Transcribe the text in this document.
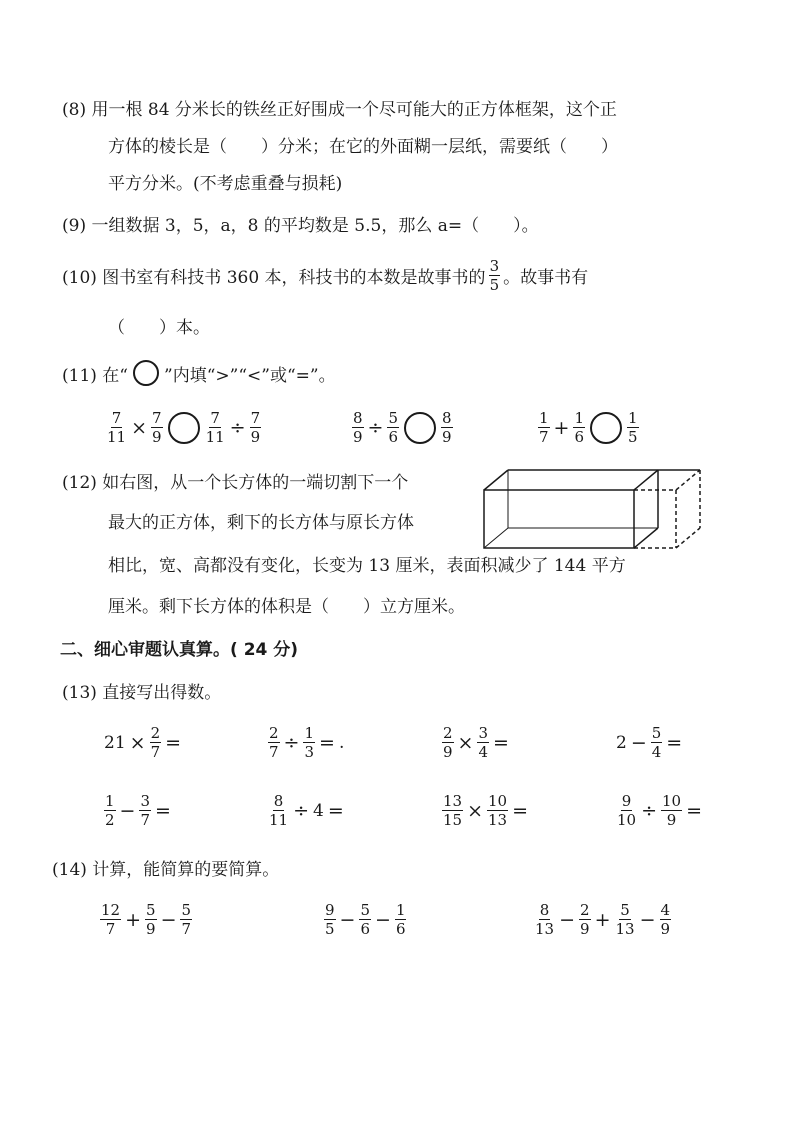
(8) 用一根 84 分米长的铁丝正好围成一个尽可能大的正方体框架，这个正
方体的棱长是（　　）分米；在它的外面糊一层纸，需要纸（　　）
平方分米。(不考虑重叠与损耗)
(9) 一组数据 3，5，a，8 的平均数是 5.5，那么 a=（　　）。
(10) 图书室有科技书 360 本，科技书的本数是故事书的 $\frac{3}{5}$ 。故事书有
（　　）本。
(11) 在“ ”内填“>”“<”或“=”。
$\frac{7}{11} \times \frac{7}{9}$	$\frac{7}{11} \div \frac{7}{9}$	$\frac{8}{9} \div \frac{5}{6}$	$\frac{8}{9}$	$\frac{1}{7} + \frac{1}{6}$	$\frac{1}{5}$
(12) 如右图，从一个长方体的一端切割下一个
最大的正方体，剩下的长方体与原长方体
相比，宽、高都没有变化，长变为 13 厘米，表面积减少了 144 平方
厘米。剩下长方体的体积是（　　）立方厘米。
二、细心审题认真算。( 24 分)
(13) 直接写出得数。
$21 \times \frac{2}{7}$ =	$\frac{2}{7} \div \frac{1}{3}$ = .	$\frac{2}{9} \times \frac{3}{4}$ =	$2 - \frac{5}{4}$ =
$\frac{1}{2} - \frac{3}{7}$ =	$\frac{8}{11} \div 4$ =	$\frac{13}{15} \times \frac{10}{13}$ =	$\frac{9}{10} \div \frac{10}{9}$ =
(14) 计算，能简算的要简算。
$\frac{12}{7} + \frac{5}{9} - \frac{5}{7}$	$\frac{9}{5} - \frac{5}{6} - \frac{1}{6}$	$\frac{8}{13} - \frac{2}{9} + \frac{5}{13} - \frac{4}{9}$
